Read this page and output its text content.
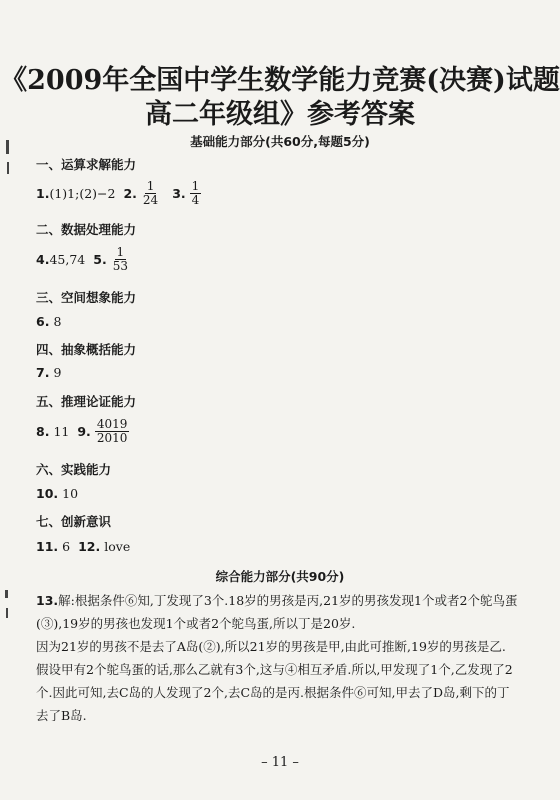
《2009年全国中学生数学能力竞赛(决赛)试题
高二年级组》参考答案
基础能力部分(共60分,每题5分)
一、运算求解能力
1. (1)1;(2)−2 2. $\frac{1}{24} 3$. $\frac{1}{4}$
二、数据处理能力
4. 45,74 5. $\frac{1}{53}$
三、空间想象能力
6. 8
四、抽象概括能力
7. 9
五、推理论证能力
8. 11 9. $\frac{4019}{2010}$
六、实践能力
10. 10
七、创新意识
11. 6 12. love
综合能力部分(共90分)
13.解:根据条件⑥知,丁发现了3个.18岁的男孩是丙,21岁的男孩发现1个或者2个鸵鸟蛋
(③),19岁的男孩也发现1个或者2个鸵鸟蛋,所以丁是20岁.
因为21岁的男孩不是去了A岛(②),所以21岁的男孩是甲,由此可推断,19岁的男孩是乙.
假设甲有2个鸵鸟蛋的话,那么乙就有3个,这与④相互矛盾.所以,甲发现了1个,乙发现了2
个.因此可知,去C岛的人发现了2个,去C岛的是丙.根据条件⑥可知,甲去了D岛,剩下的丁
去了B岛.
– 11 –
